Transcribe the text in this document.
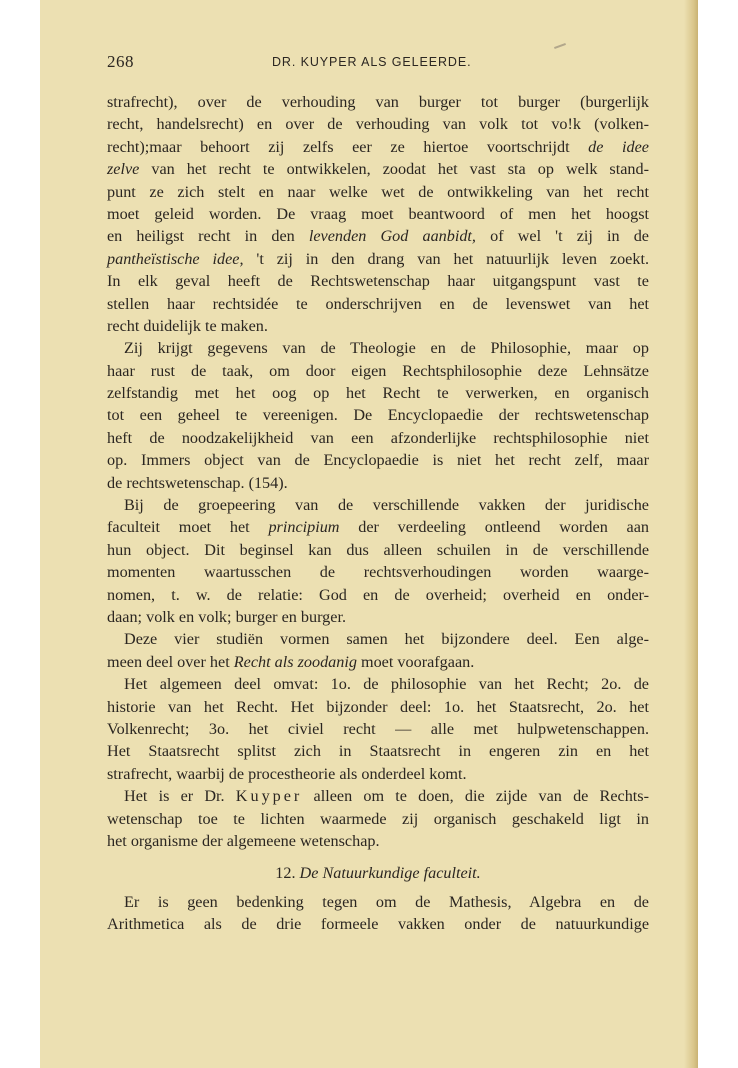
268	DR. KUYPER ALS GELEERDE.
strafrecht), over de verhouding van burger tot burger (burgerlijk
recht, handelsrecht) en over de verhouding van volk tot vo!k (volken-
recht);maar behoort zij zelfs eer ze hiertoe voortschrijdt de idee
zelve van het recht te ontwikkelen, zoodat het vast sta op welk stand-
punt ze zich stelt en naar welke wet de ontwikkeling van het recht
moet geleid worden. De vraag moet beantwoord of men het hoogst
en heiligst recht in den levenden God aanbidt, of wel 't zij in de
pantheïstische idee, 't zij in den drang van het natuurlijk leven zoekt.
In elk geval heeft de Rechtswetenschap haar uitgangspunt vast te
stellen haar rechtsidée te onderschrijven en de levenswet van het
recht duidelijk te maken.
Zij krijgt gegevens van de Theologie en de Philosophie, maar op
haar rust de taak, om door eigen Rechtsphilosophie deze Lehnsätze
zelfstandig met het oog op het Recht te verwerken, en organisch
tot een geheel te vereenigen. De Encyclopaedie der rechtswetenschap
heft de noodzakelijkheid van een afzonderlijke rechtsphilosophie niet
op. Immers object van de Encyclopaedie is niet het recht zelf, maar
de rechtswetenschap. (154).
Bij de groepeering van de verschillende vakken der juridische
faculteit moet het principium der verdeeling ontleend worden aan
hun object. Dit beginsel kan dus alleen schuilen in de verschillende
momenten waartusschen de rechtsverhoudingen worden waarge-
nomen, t. w. de relatie: God en de overheid; overheid en onder-
daan; volk en volk; burger en burger.
Deze vier studiën vormen samen het bijzondere deel. Een alge-
meen deel over het Recht als zoodanig moet voorafgaan.
Het algemeen deel omvat: 1o. de philosophie van het Recht; 2o. de
historie van het Recht. Het bijzonder deel: 1o. het Staatsrecht, 2o. het
Volkenrecht; 3o. het civiel recht — alle met hulpwetenschappen.
Het Staatsrecht splitst zich in Staatsrecht in engeren zin en het
strafrecht, waarbij de procestheorie als onderdeel komt.
Het is er Dr. Kuyper alleen om te doen, die zijde van de Rechts-
wetenschap toe te lichten waarmede zij organisch geschakeld ligt in
het organisme der algemeene wetenschap.
12. De Natuurkundige faculteit.
Er is geen bedenking tegen om de Mathesis, Algebra en de
Arithmetica als de drie formeele vakken onder de natuurkundige
